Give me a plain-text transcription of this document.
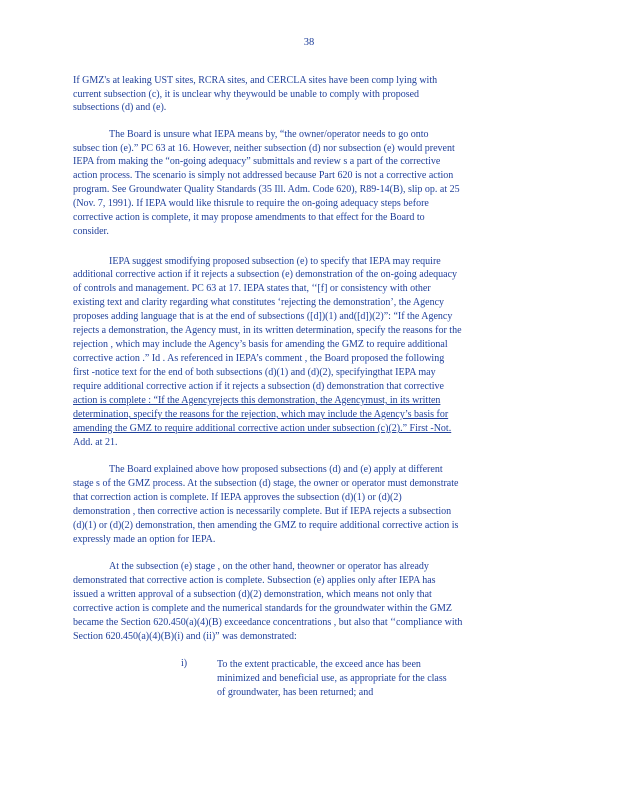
38
If GMZ's at leaking UST sites, RCRA sites, and CERCLA sites have been comp lying with
current subsection (c), it is unclear why theywould be unable to comply with proposed
subsections (d) and (e).
The Board is unsure what IEPA means by, “the owner/operator needs to go onto
subsec tion (e).” PC 63 at 16. However, neither subsection (d) nor subsection (e) would prevent
IEPA from making the “on-going adequacy” submittals and review s a part of the corrective
action process. The scenario is simply not addressed because Part 620 is not a corrective action
program. See Groundwater Quality Standards (35 Ill. Adm. Code 620), R89-14(B), slip op. at 25
(Nov. 7, 1991). If IEPA would like thisrule to require the on-going adequacy steps before
corrective action is complete, it may propose amendments to that effect for the Board to
consider.
IEPA suggest smodifying proposed subsection (e) to specify that IEPA may require
additional corrective action if it rejects a subsection (e) demonstration of the on-going adequacy
of controls and management. PC 63 at 17. IEPA states that, ‘‘[f] or consistency with other
existing text and clarity regarding what constitutes ‘rejecting the demonstration’, the Agency
proposes adding language that is at the end of subsections ([d])(1) and([d])(2)”: “If the Agency
rejects a demonstration, the Agency must, in its written determination, specify the reasons for the
rejection , which may include the Agency’s basis for amending the GMZ to require additional
corrective action .” Id . As referenced in IEPA’s comment , the Board proposed the following
first -notice text for the end of both subsections (d)(1) and (d)(2), specifyingthat IEPA may
require additional corrective action if it rejects a subsection (d) demonstration that corrective
action is complete : “If the Agencyrejects this demonstration, the Agencymust, in its written
determination, specify the reasons for the rejection, which may include the Agency’s basis for
amending the GMZ to require additional corrective action under subsection (c)(2).” First -Not.
Add. at 21.
The Board explained above how proposed subsections (d) and (e) apply at different
stage s of the GMZ process. At the subsection (d) stage, the owner or operator must demonstrate
that correction action is complete. If IEPA approves the subsection (d)(1) or (d)(2)
demonstration , then corrective action is necessarily complete. But if IEPA rejects a subsection
(d)(1) or (d)(2) demonstration, then amending the GMZ to require additional corrective action is
expressly made an option for IEPA.
At the subsection (e) stage , on the other hand, theowner or operator has already
demonstrated that corrective action is complete. Subsection (e) applies only after IEPA has
issued a written approval of a subsection (d)(2) demonstration, which means not only that
corrective action is complete and the numerical standards for the groundwater within the GMZ
became the Section 620.450(a)(4)(B) exceedance concentrations , but also that ‘‘compliance with
Section 620.450(a)(4)(B)(i) and (ii)” was demonstrated:
i)	To the extent practicable, the exceed ance has been
minimized and beneficial use, as appropriate for the class
of groundwater, has been returned; and
